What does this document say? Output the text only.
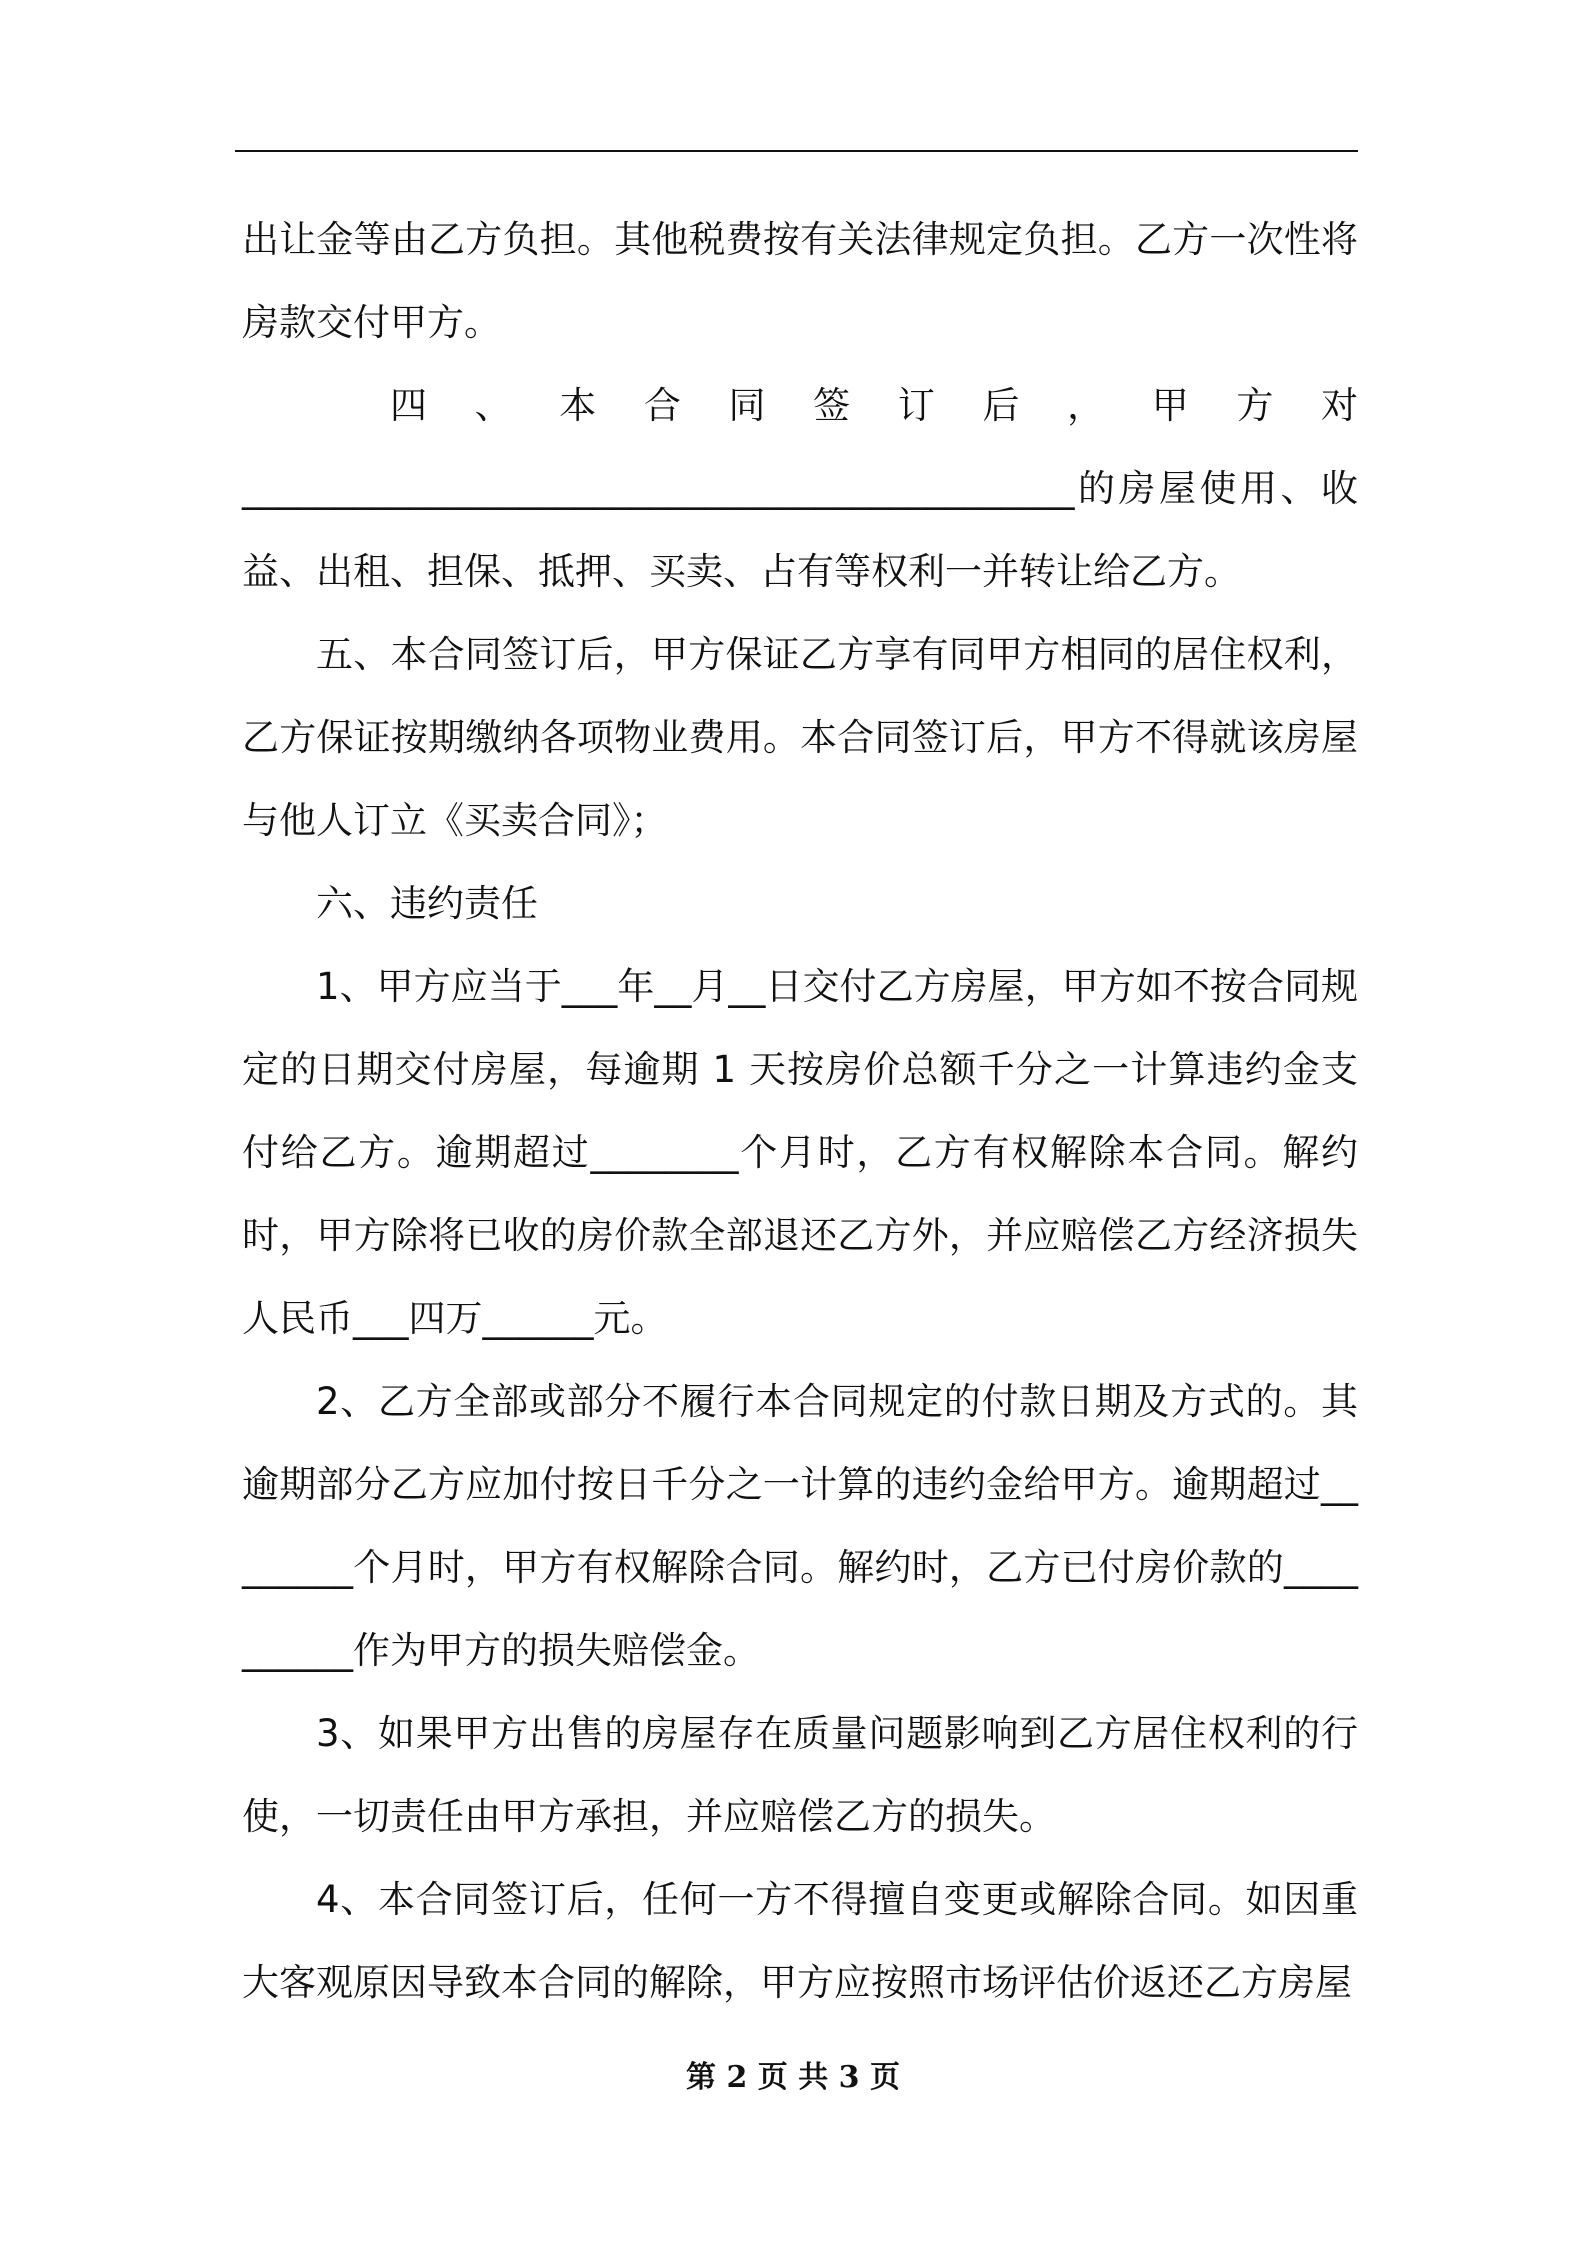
出让金等由乙方负担。其他税费按有关法律规定负担。乙方一次性将房款交付甲方。

四、本合同签订后，甲方对

_____________________________________________的房屋使用、收益、出租、担保、抵押、买卖、占有等权利一并转让给乙方。

五、本合同签订后，甲方保证乙方享有同甲方相同的居住权利，乙方保证按期缴纳各项物业费用。本合同签订后，甲方不得就该房屋与他人订立《买卖合同》；

六、违约责任

1、甲方应当于___年__月__日交付乙方房屋，甲方如不按合同规定的日期交付房屋，每逾期 1 天按房价总额千分之一计算违约金支付给乙方。逾期超过________个月时，乙方有权解除本合同。解约时，甲方除将已收的房价款全部退还乙方外，并应赔偿乙方经济损失人民币___四万______元。

2、乙方全部或部分不履行本合同规定的付款日期及方式的。其逾期部分乙方应加付按日千分之一计算的违约金给甲方。逾期超过________个月时，甲方有权解除合同。解约时，乙方已付房价款的__________作为甲方的损失赔偿金。

3、如果甲方出售的房屋存在质量问题影响到乙方居住权利的行使，一切责任由甲方承担，并应赔偿乙方的损失。

4、本合同签订后，任何一方不得擅自变更或解除合同。如因重大客观原因导致本合同的解除，甲方应按照市场评估价返还乙方房屋

第 2 页 共 3 页
